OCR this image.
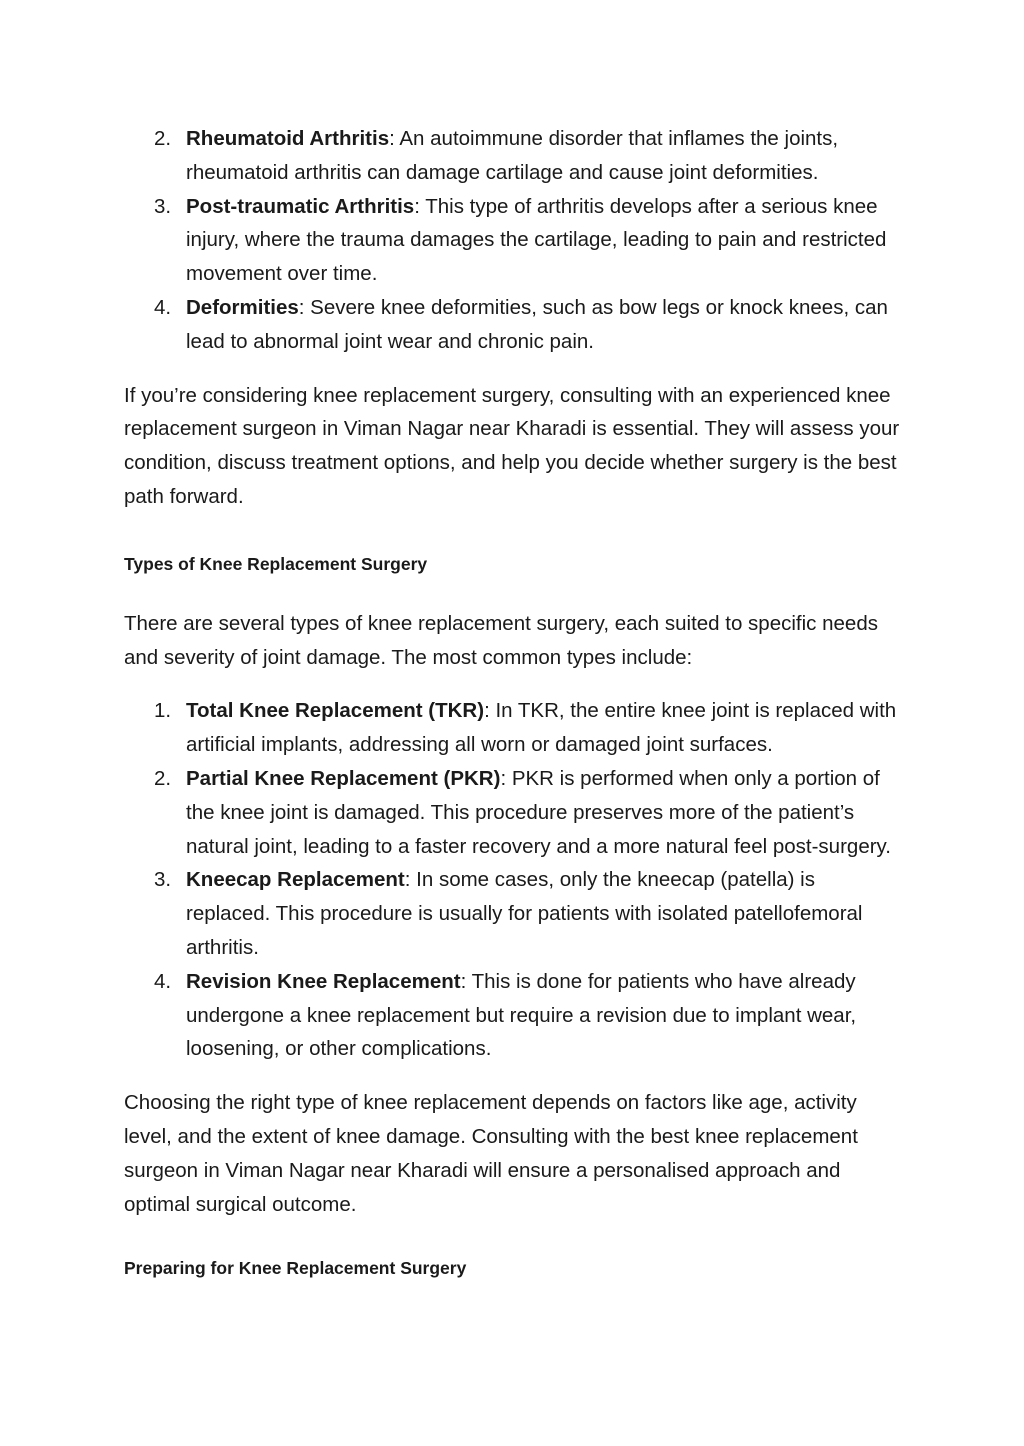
2. Rheumatoid Arthritis: An autoimmune disorder that inflames the joints, rheumatoid arthritis can damage cartilage and cause joint deformities.
3. Post-traumatic Arthritis: This type of arthritis develops after a serious knee injury, where the trauma damages the cartilage, leading to pain and restricted movement over time.
4. Deformities: Severe knee deformities, such as bow legs or knock knees, can lead to abnormal joint wear and chronic pain.

If you’re considering knee replacement surgery, consulting with an experienced knee replacement surgeon in Viman Nagar near Kharadi is essential. They will assess your condition, discuss treatment options, and help you decide whether surgery is the best path forward.

Types of Knee Replacement Surgery

There are several types of knee replacement surgery, each suited to specific needs and severity of joint damage. The most common types include:

1. Total Knee Replacement (TKR): In TKR, the entire knee joint is replaced with artificial implants, addressing all worn or damaged joint surfaces.
2. Partial Knee Replacement (PKR): PKR is performed when only a portion of the knee joint is damaged. This procedure preserves more of the patient’s natural joint, leading to a faster recovery and a more natural feel post-surgery.
3. Kneecap Replacement: In some cases, only the kneecap (patella) is replaced. This procedure is usually for patients with isolated patellofemoral arthritis.
4. Revision Knee Replacement: This is done for patients who have already undergone a knee replacement but require a revision due to implant wear, loosening, or other complications.

Choosing the right type of knee replacement depends on factors like age, activity level, and the extent of knee damage. Consulting with the best knee replacement surgeon in Viman Nagar near Kharadi will ensure a personalised approach and optimal surgical outcome.

Preparing for Knee Replacement Surgery
